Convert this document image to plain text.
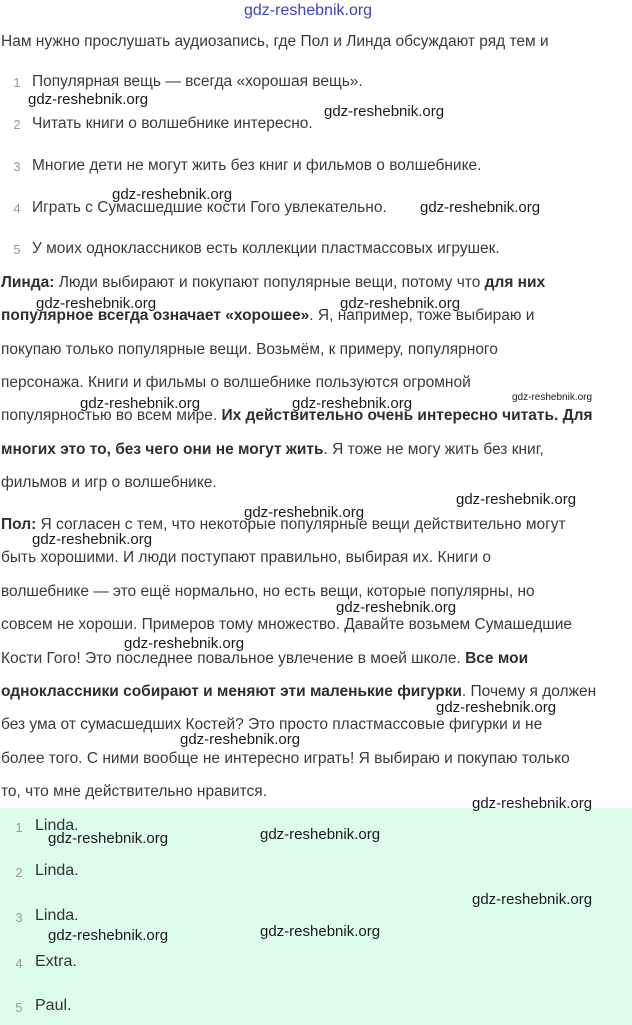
gdz-reshebnik.org
Нам нужно прослушать аудиозапись, где Пол и Линда обсуждают ряд тем и
1 Популярная вещь — всегда «хорошая вещь».
2 Читать книги о волшебнике интересно.
3 Многие дети не могут жить без книг и фильмов о волшебнике.
4 Играть с Сумасшедшие кости Гого увлекательно.
5 У моих одноклассников есть коллекции пластмассовых игрушек.
Линда: Люди выбирают и покупают популярные вещи, потому что для них
популярное всегда означает «хорошее». Я, например, тоже выбираю и
покупаю только популярные вещи. Возьмём, к примеру, популярного
персонажа. Книги и фильмы о волшебнике пользуются огромной
популярностью во всем мире. Их действительно очень интересно читать. Для
многих это то, без чего они не могут жить. Я тоже не могу жить без книг,
фильмов и игр о волшебнике.
Пол: Я согласен с тем, что некоторые популярные вещи действительно могут
быть хорошими. И люди поступают правильно, выбирая их. Книги о
волшебнике — это ещё нормально, но есть вещи, которые популярны, но
совсем не хороши. Примеров тому множество. Давайте возьмем Сумашедшие
Кости Гого! Это последнее повальное увлечение в моей школе. Все мои
одноклассники собирают и меняют эти маленькие фигурки. Почему я должен
без ума от сумасшедших Костей? Это просто пластмассовые фигурки и не
более того. С ними вообще не интересно играть! Я выбираю и покупаю только
то, что мне действительно нравится.
1 Linda.
2 Linda.
3 Linda.
4 Extra.
5 Paul.
gdz-reshebnik.org
gdz-reshebnik.org
gdz-reshebnik.org
gdz-reshebnik.org
gdz-reshebnik.org	gdz-reshebnik.org
gdz-reshebnik.org
gdz-reshebnik.org	gdz-reshebnik.org
gdz-reshebnik.org
gdz-reshebnik.org
gdz-reshebnik.org
gdz-reshebnik.org
gdz-reshebnik.org
gdz-reshebnik.org
gdz-reshebnik.org
gdz-reshebnik.org
gdz-reshebnik.org	gdz-reshebnik.org
gdz-reshebnik.org
gdz-reshebnik.org	gdz-reshebnik.org
